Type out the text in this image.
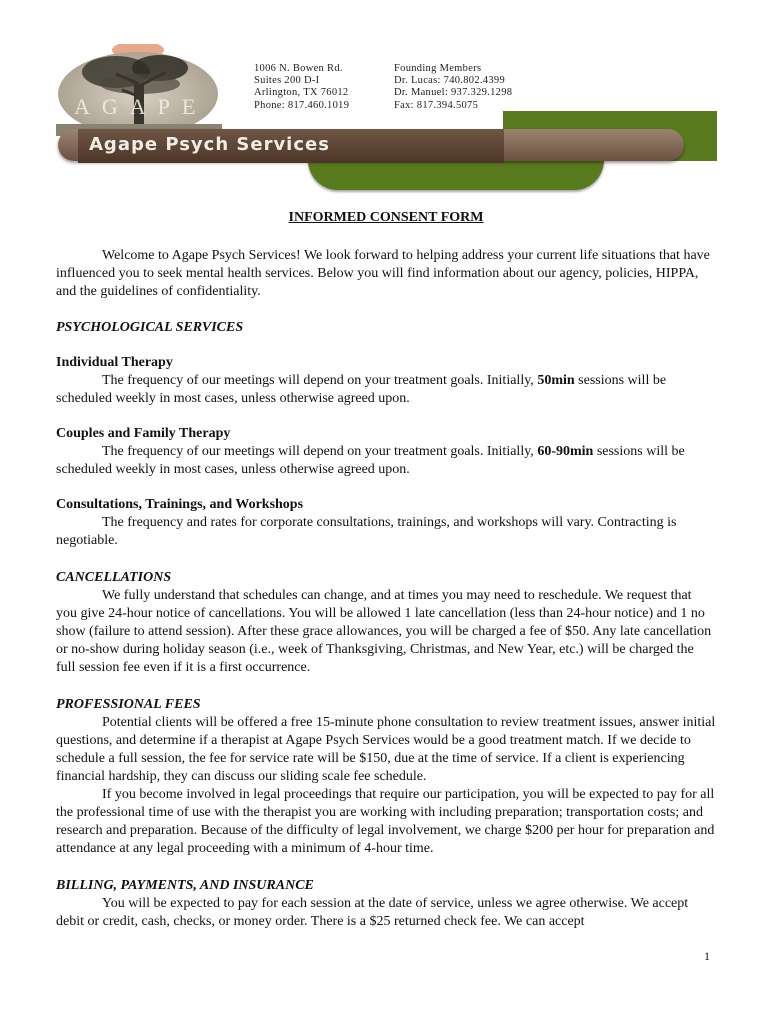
AGAPE
1006 N. Bowen Rd.
Suites 200 D-I
Arlington, TX 76012
Phone: 817.460.1019
Founding Members
Dr. Lucas: 740.802.4399
Dr. Manuel: 937.329.1298
Fax: 817.394.5075
Agape Psych Services

INFORMED CONSENT FORM

Welcome to Agape Psych Services! We look forward to helping address your current life situations that have influenced you to seek mental health services. Below you will find information about our agency, policies, HIPPA, and the guidelines of confidentiality.

PSYCHOLOGICAL SERVICES

Individual Therapy

The frequency of our meetings will depend on your treatment goals. Initially, 50min sessions will be scheduled weekly in most cases, unless otherwise agreed upon.

Couples and Family Therapy

The frequency of our meetings will depend on your treatment goals. Initially, 60-90min sessions will be scheduled weekly in most cases, unless otherwise agreed upon.

Consultations, Trainings, and Workshops

The frequency and rates for corporate consultations, trainings, and workshops will vary. Contracting is negotiable.

CANCELLATIONS

We fully understand that schedules can change, and at times you may need to reschedule. We request that you give 24-hour notice of cancellations. You will be allowed 1 late cancellation (less than 24-hour notice) and 1 no show (failure to attend session). After these grace allowances, you will be charged a fee of $50. Any late cancellation or no-show during holiday season (i.e., week of Thanksgiving, Christmas, and New Year, etc.) will be charged the full session fee even if it is a first occurrence.

PROFESSIONAL FEES

Potential clients will be offered a free 15-minute phone consultation to review treatment issues, answer initial questions, and determine if a therapist at Agape Psych Services would be a good treatment match. If we decide to schedule a full session, the fee for service rate will be $150, due at the time of service. If a client is experiencing financial hardship, they can discuss our sliding scale fee schedule.

If you become involved in legal proceedings that require our participation, you will be expected to pay for all the professional time of use with the therapist you are working with including preparation; transportation costs; and research and preparation. Because of the difficulty of legal involvement, we charge $200 per hour for preparation and attendance at any legal proceeding with a minimum of 4-hour time.

BILLING, PAYMENTS, AND INSURANCE

You will be expected to pay for each session at the date of service, unless we agree otherwise. We accept debit or credit, cash, checks, or money order. There is a $25 returned check fee. We can accept

1
